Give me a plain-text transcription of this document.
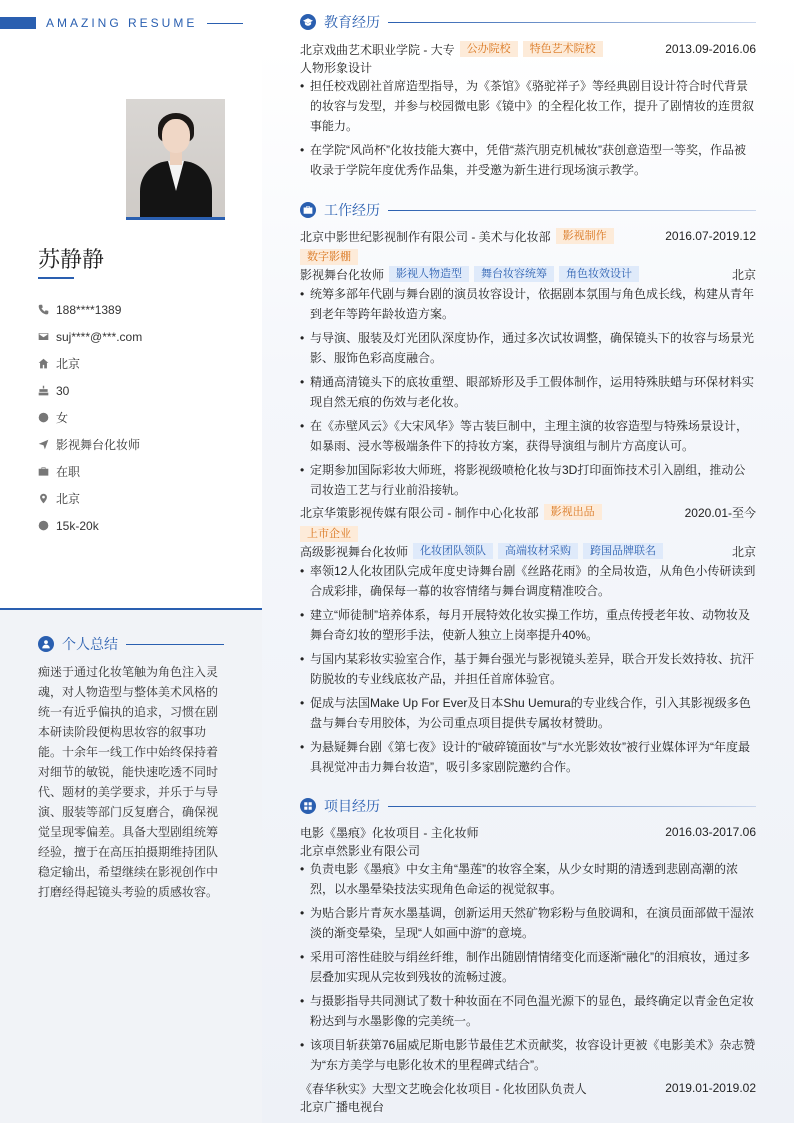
AMAZING RESUME
苏静静
188****1389
suj****@***.com
北京
30
女
影视舞台化妆师
在职
北京
15k-20k
个人总结
痴迷于通过化妆笔触为角色注入灵魂，对人物造型与整体美术风格的统一有近乎偏执的追求，习惯在剧本研读阶段便构思妆容的叙事功能。十余年一线工作中始终保持着对细节的敏锐，能快速吃透不同时代、题材的美学要求，并乐于与导演、服装等部门反复磨合，确保视觉呈现零偏差。具备大型剧组统筹经验，擅于在高压拍摄期维持团队稳定输出，希望继续在影视创作中打磨经得起镜头考验的质感妆容。
教育经历
北京戏曲艺术职业学院 - 大专	公办院校	特色艺术院校	2013.09-2016.06
人物形象设计
• 担任校戏剧社首席造型指导，为《茶馆》《骆驼祥子》等经典剧目设计符合时代背景的妆容与发型，并参与校园微电影《镜中》的全程化妆工作，提升了剧情妆的连贯叙事能力。
• 在学院“风尚杯”化妆技能大赛中，凭借“蒸汽朋克机械妆”获创意造型一等奖，作品被收录于学院年度优秀作品集，并受邀为新生进行现场演示教学。
工作经历
北京中影世纪影视制作有限公司 - 美术与化妆部	影视制作	2016.07-2019.12
数字影棚
影视舞台化妆师	影视人物造型	舞台妆容统筹	角色妆效设计	北京
• 统筹多部年代剧与舞台剧的演员妆容设计，依据剧本氛围与角色成长线，构建从青年到老年等跨年龄妆造方案。
• 与导演、服装及灯光团队深度协作，通过多次试妆调整，确保镜头下的妆容与场景光影、服饰色彩高度融合。
• 精通高清镜头下的底妆重塑、眼部矫形及手工假体制作，运用特殊肤蜡与环保材料实现自然无痕的伤效与老化妆。
• 在《赤壁风云》《大宋风华》等古装巨制中，主理主演的妆容造型与特殊场景设计，如暴雨、浸水等极端条件下的持妆方案，获得导演组与制片方高度认可。
• 定期参加国际彩妆大师班，将影视级喷枪化妆与3D打印面饰技术引入剧组，推动公司妆造工艺与行业前沿接轨。
北京华策影视传媒有限公司 - 制作中心化妆部	影视出品	2020.01-至今
上市企业
高级影视舞台化妆师	化妆团队领队	高端妆材采购	跨国品牌联名	北京
• 率领12人化妆团队完成年度史诗舞台剧《丝路花雨》的全局妆造，从角色小传研读到合成彩排，确保每一幕的妆容情绪与舞台调度精准咬合。
• 建立“师徒制”培养体系，每月开展特效化妆实操工作坊，重点传授老年妆、动物妆及舞台奇幻妆的塑形手法，使新人独立上岗率提升40%。
• 与国内某彩妆实验室合作，基于舞台强光与影视镜头差异，联合开发长效持妆、抗汗防脱妆的专业线底妆产品，并担任首席体验官。
• 促成与法国Make Up For Ever及日本Shu Uemura的专业线合作，引入其影视级多色盘与舞台专用胶体，为公司重点项目提供专属妆材赞助。
• 为悬疑舞台剧《第七夜》设计的“破碎镜面妆”与“水光影效妆”被行业媒体评为“年度最具视觉冲击力舞台妆造”，吸引多家剧院邀约合作。
项目经历
电影《墨痕》化妆项目 - 主化妆师	2016.03-2017.06
北京卓然影业有限公司
• 负责电影《墨痕》中女主角“墨莲”的妆容全案，从少女时期的清透到悲剧高潮的浓烈，以水墨晕染技法实现角色命运的视觉叙事。
• 为贴合影片青灰水墨基调，创新运用天然矿物彩粉与鱼胶调和，在演员面部做干湿浓淡的渐变晕染，呈现“人如画中游”的意境。
• 采用可溶性硅胶与绢丝纤维，制作出随剧情情绪变化而逐渐“融化”的泪痕妆，通过多层叠加实现从完妆到残妆的流畅过渡。
• 与摄影指导共同测试了数十种妆面在不同色温光源下的显色，最终确定以青金色定妆粉达到与水墨影像的完美统一。
• 该项目斩获第76届威尼斯电影节最佳艺术贡献奖，妆容设计更被《电影美术》杂志赞为“东方美学与电影化妆术的里程碑式结合”。
《春华秋实》大型文艺晚会化妆项目 - 化妆团队负责人	2019.01-2019.02
北京广播电视台
